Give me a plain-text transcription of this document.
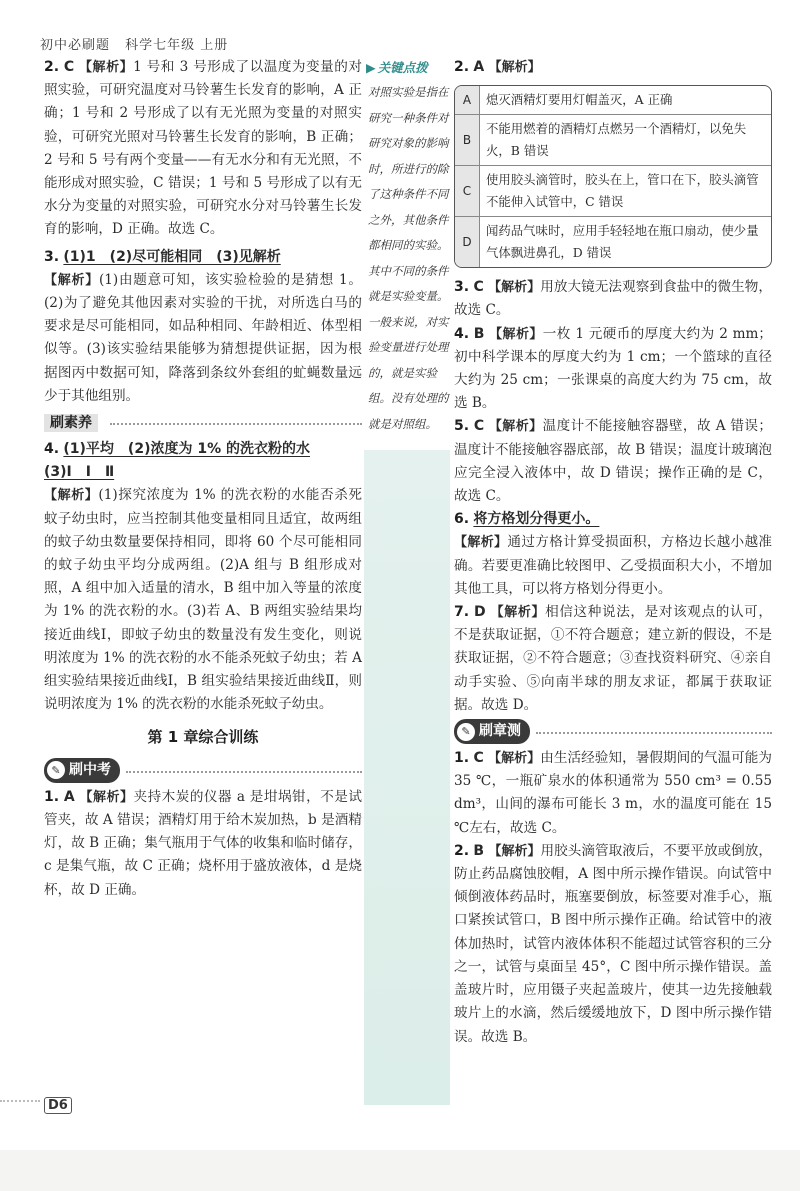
初中必刷题 科学七年级 上册

2. C 【解析】1 号和 3 号形成了以温度为变量的对照实验，可研究温度对马铃薯生长发育的影响，A 正确；1 号和 2 号形成了以有无光照为变量的对照实验，可研究光照对马铃薯生长发育的影响，B 正确；2 号和 5 号有两个变量——有无水分和有无光照，不能形成对照实验，C 错误；1 号和 5 号形成了以有无水分为变量的对照实验，可研究水分对马铃薯生长发育的影响，D 正确。故选 C。

3. (1)1　(2)尽可能相同　(3)见解析

【解析】(1)由题意可知，该实验检验的是猜想 1。(2)为了避免其他因素对实验的干扰，对所选白马的要求是尽可能相同，如品种相同、年龄相近、体型相似等。(3)该实验结果能够为猜想提供证据，因为根据图丙中数据可知，降落到条纹外套组的虻蝇数量远少于其他组别。

刷素养

4. (1)平均　(2)浓度为 1% 的洗衣粉的水

(3)Ⅰ　Ⅰ　Ⅱ

【解析】(1)探究浓度为 1% 的洗衣粉的水能否杀死蚊子幼虫时，应当控制其他变量相同且适宜，故两组的蚊子幼虫数量要保持相同，即将 60 个尽可能相同的蚊子幼虫平均分成两组。(2)A 组与 B 组形成对照，A 组中加入适量的清水，B 组中加入等量的浓度为 1% 的洗衣粉的水。(3)若 A、B 两组实验结果均接近曲线Ⅰ，即蚊子幼虫的数量没有发生变化，则说明浓度为 1% 的洗衣粉的水不能杀死蚊子幼虫；若 A 组实验结果接近曲线Ⅰ，B 组实验结果接近曲线Ⅱ，则说明浓度为 1% 的洗衣粉的水能杀死蚊子幼虫。

第 1 章综合训练
✎ 刷中考

1. A 【解析】夹持木炭的仪器 a 是坩埚钳，不是试管夹，故 A 错误；酒精灯用于给木炭加热，b 是酒精灯，故 B 正确；集气瓶用于气体的收集和临时储存，c 是集气瓶，故 C 正确；烧杯用于盛放液体，d 是烧杯，故 D 正确。

▶ 关键点拨
对照实验是指在研究一种条件对研究对象的影响时，所进行的除了这种条件不同之外，其他条件都相同的实验。其中不同的条件就是实验变量。一般来说，对实验变量进行处理的，就是实验组。没有处理的就是对照组。

2. A 【解析】

A	熄灭酒精灯要用灯帽盖灭，A 正确
B
不能用燃着的酒精灯点燃另一个酒精灯，以免失火，B 错误
C
使用胶头滴管时，胶头在上，管口在下，胶头滴管不能伸入试管中，C 错误
D
闻药品气味时，应用手轻轻地在瓶口扇动，使少量气体飘进鼻孔，D 错误

3. C 【解析】用放大镜无法观察到食盐中的微生物，故选 C。

4. B 【解析】一枚 1 元硬币的厚度大约为 2 mm；初中科学课本的厚度大约为 1 cm；一个篮球的直径大约为 25 cm；一张课桌的高度大约为 75 cm，故选 B。

5. C 【解析】温度计不能接触容器壁，故 A 错误；温度计不能接触容器底部，故 B 错误；温度计玻璃泡应完全浸入液体中，故 D 错误；操作正确的是 C，故选 C。

6. 将方格划分得更小。

【解析】通过方格计算受损面积，方格边长越小越准确。若要更准确比较图甲、乙受损面积大小，不增加其他工具，可以将方格划分得更小。

7. D 【解析】相信这种说法，是对该观点的认可，不是获取证据，①不符合题意；建立新的假设，不是获取证据，②不符合题意；③查找资料研究、④亲自动手实验、⑤向南半球的朋友求证，都属于获取证据。故选 D。

✎ 刷章测

1. C 【解析】由生活经验知，暑假期间的气温可能为 35 ℃，一瓶矿泉水的体积通常为 550 cm³ = 0.55 dm³，山间的瀑布可能长 3 m，水的温度可能在 15 ℃左右，故选 C。

2. B 【解析】用胶头滴管取液后，不要平放或倒放，防止药品腐蚀胶帽，A 图中所示操作错误。向试管中倾倒液体药品时，瓶塞要倒放，标签要对准手心，瓶口紧挨试管口，B 图中所示操作正确。给试管中的液体加热时，试管内液体体积不能超过试管容积的三分之一，试管与桌面呈 45°，C 图中所示操作错误。盖盖玻片时，应用镊子夹起盖玻片，使其一边先接触载玻片上的水滴，然后缓缓地放下，D 图中所示操作错误。故选 B。

D6
